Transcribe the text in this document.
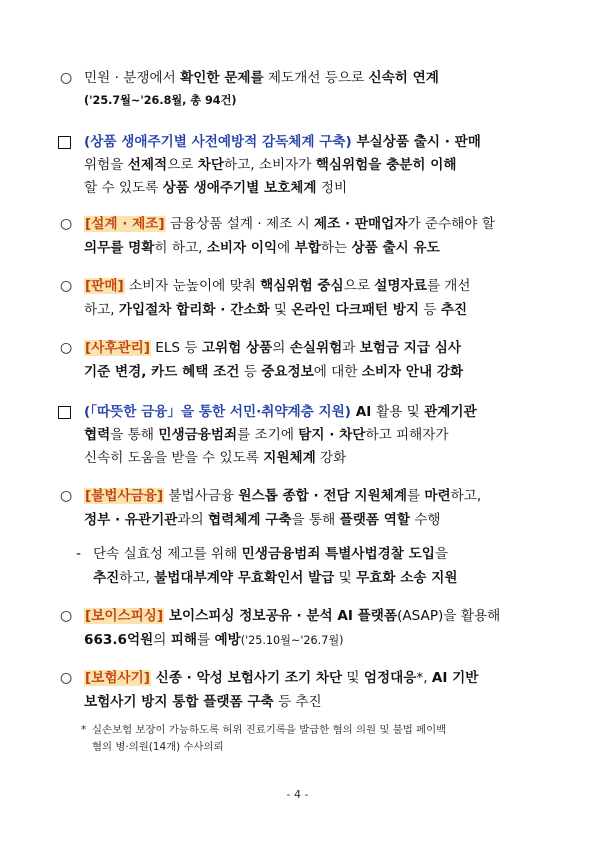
○ 민원 · 분쟁에서 확인한 문제를 제도개선 등으로 신속히 연계
('25.7월~'26.8월, 총 94건)
(상품 생애주기별 사전예방적 감독체계 구축) 부실상품 출시 · 판매
위험을 선제적으로 차단하고, 소비자가 핵심위험을 충분히 이해
할 수 있도록 상품 생애주기별 보호체계 정비
○ [설계 · 제조] 금융상품 설계 · 제조 시 제조 · 판매업자가 준수해야 할
의무를 명확히 하고, 소비자 이익에 부합하는 상품 출시 유도
○ [판매] 소비자 눈높이에 맞춰 핵심위험 중심으로 설명자료를 개선
하고, 가입절차 합리화 · 간소화 및 온라인 다크패턴 방지 등 추진
○ [사후관리] ELS 등 고위험 상품의 손실위험과 보험금 지급 심사
기준 변경, 카드 혜택 조건 등 중요정보에 대한 소비자 안내 강화
(「따뜻한 금융」을 통한 서민·취약계층 지원) AI 활용 및 관계기관
협력을 통해 민생금융범죄를 조기에 탐지 · 차단하고 피해자가
신속히 도움을 받을 수 있도록 지원체계 강화
○ [불법사금융] 불법사금융 원스톱 종합 · 전담 지원체계를 마련하고,
정부 · 유관기관과의 협력체계 구축을 통해 플랫폼 역할 수행
- 단속 실효성 제고를 위해 민생금융범죄 특별사법경찰 도입을
추진하고, 불법대부계약 무효확인서 발급 및 무효화 소송 지원
○ [보이스피싱] 보이스피싱 정보공유 · 분석 AI 플랫폼(ASAP)을 활용해
663.6억원의 피해를 예방('25.10월~'26.7월)
○ [보험사기] 신종 · 악성 보험사기 조기 차단 및 엄정대응*, AI 기반
보험사기 방지 통합 플랫폼 구축 등 추진
* 실손보험 보장이 가능하도록 허위 진료기록을 발급한 혐의 의원 및 불법 페이백
혐의 병·의원(14개) 수사의뢰
- 4 -
